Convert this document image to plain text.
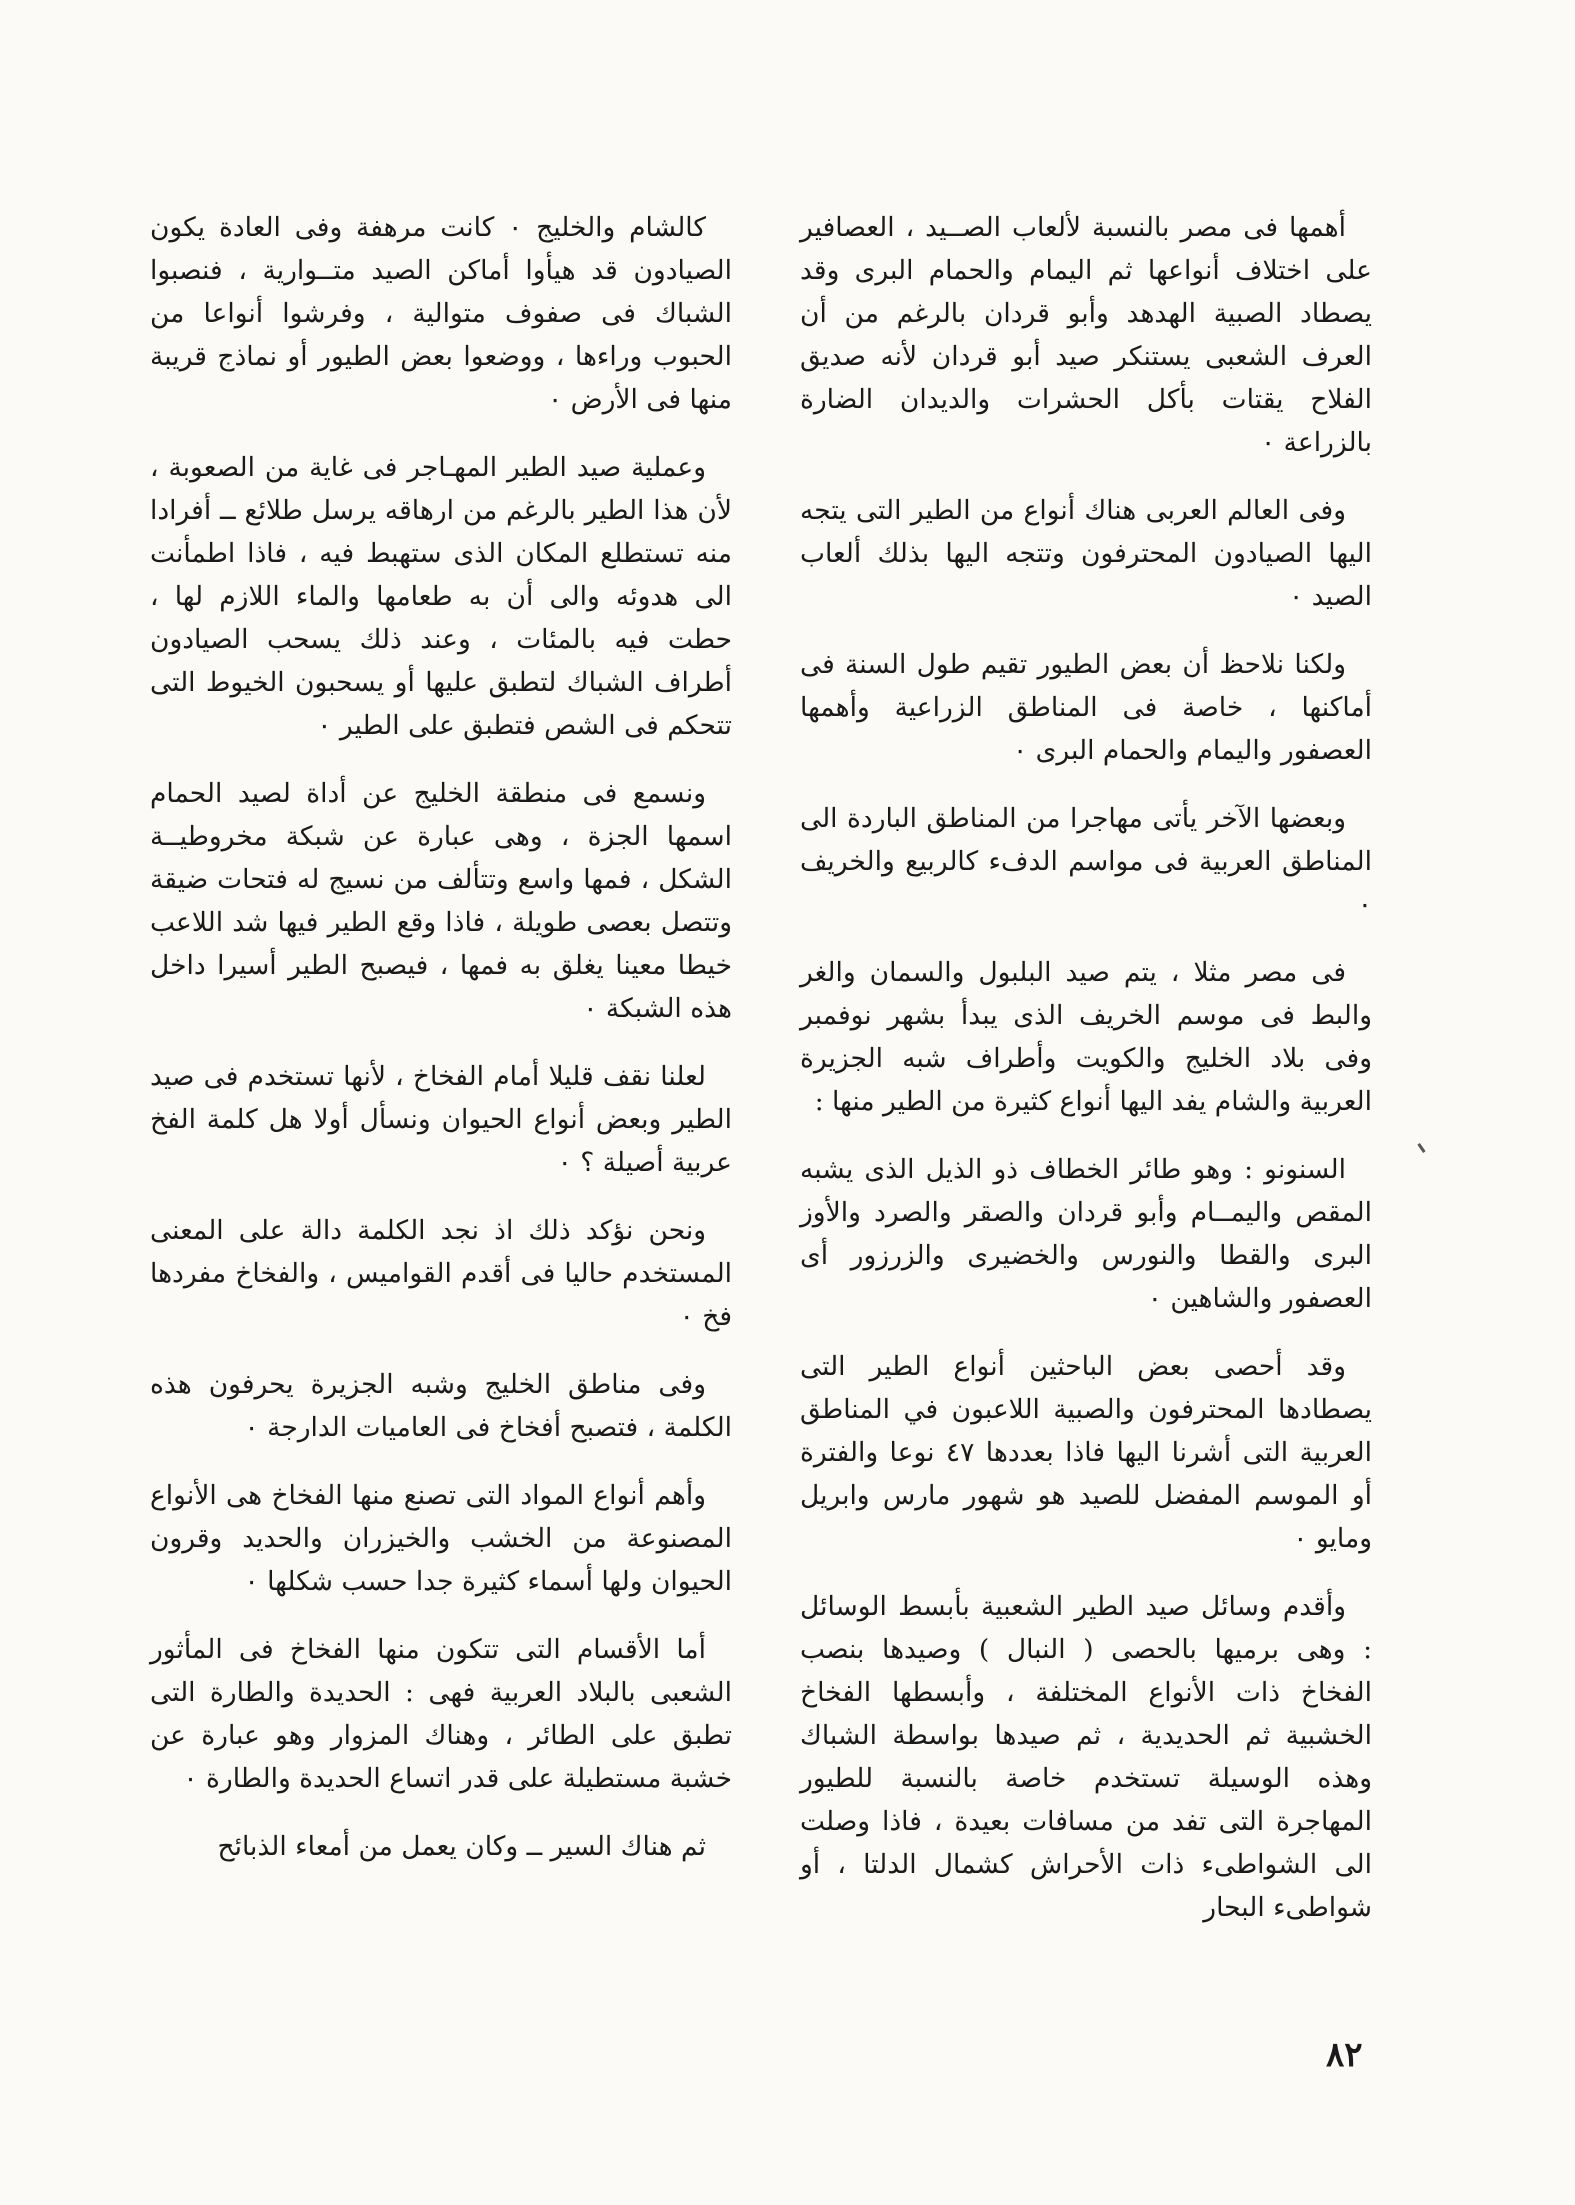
أهمها فى مصر بالنسبة لألعاب الصــيد ، العصافير على اختلاف أنواعها ثم اليمام والحمام البرى وقد يصطاد الصبية الهدهد وأبو قردان بالرغم من أن العرف الشعبى يستنكر صيد أبو قردان لأنه صديق الفلاح يقتات بأكل الحشرات والديدان الضارة بالزراعة ٠

وفى العالم العربى هناك أنواع من الطير التى يتجه اليها الصيادون المحترفون وتتجه اليها بذلك ألعاب الصيد ٠

ولكنا نلاحظ أن بعض الطيور تقيم طول السنة فى أماكنها ، خاصة فى المناطق الزراعية وأهمها العصفور واليمام والحمام البرى ٠

وبعضها الآخر يأتى مهاجرا من المناطق الباردة الى المناطق العربية فى مواسم الدفء كالربيع والخريف ٠

فى مصر مثلا ، يتم صيد البلبول والسمان والغر والبط فى موسم الخريف الذى يبدأ بشهر نوفمبر وفى بلاد الخليج والكويت وأطراف شبه الجزيرة العربية والشام يفد اليها أنواع كثيرة من الطير منها :

السنونو : وهو طائر الخطاف ذو الذيل الذى يشبه المقص واليمــام وأبو قردان والصقر والصرد والأوز البرى والقطا والنورس والخضيرى والزرزور أى العصفور والشاهين ٠

وقد أحصى بعض الباحثين أنواع الطير التى يصطادها المحترفون والصبية اللاعبون في المناطق العربية التى أشرنا اليها فاذا بعددها ٤٧ نوعا والفترة أو الموسم المفضل للصيد هو شهور مارس وابريل ومايو ٠

وأقدم وسائل صيد الطير الشعبية بأبسط الوسائل : وهى برميها بالحصى ( النبال ) وصيدها بنصب الفخاخ ذات الأنواع المختلفة ، وأبسطها الفخاخ الخشبية ثم الحديدية ، ثم صيدها بواسطة الشباك وهذه الوسيلة تستخدم خاصة بالنسبة للطيور المهاجرة التى تفد من مسافات بعيدة ، فاذا وصلت الى الشواطىء ذات الأحراش كشمال الدلتا ، أو شواطىء البحار

كالشام والخليج ٠ كانت مرهفة وفى العادة يكون الصيادون قد هيأوا أماكن الصيد متــوارية ، فنصبوا الشباك فى صفوف متوالية ، وفرشوا أنواعا من الحبوب وراءها ، ووضعوا بعض الطيور أو نماذج قريبة منها فى الأرض ٠

وعملية صيد الطير المهـاجر فى غاية من الصعوبة ، لأن هذا الطير بالرغم من ارهاقه يرسل طلائع ــ أفرادا منه تستطلع المكان الذى ستهبط فيه ، فاذا اطمأنت الى هدوئه والى أن به طعامها والماء اللازم لها ، حطت فيه بالمئات ، وعند ذلك يسحب الصيادون أطراف الشباك لتطبق عليها أو يسحبون الخيوط التى تتحكم فى الشص فتطبق على الطير ٠

ونسمع فى منطقة الخليج عن أداة لصيد الحمام اسمها الجزة ، وهى عبارة عن شبكة مخروطيــة الشكل ، فمها واسع وتتألف من نسيج له فتحات ضيقة وتتصل بعصى طويلة ، فاذا وقع الطير فيها شد اللاعب خيطا معينا يغلق به فمها ، فيصبح الطير أسيرا داخل هذه الشبكة ٠

لعلنا نقف قليلا أمام الفخاخ ، لأنها تستخدم فى صيد الطير وبعض أنواع الحيوان ونسأل أولا هل كلمة الفخ عربية أصيلة ؟ ٠

ونحن نؤكد ذلك اذ نجد الكلمة دالة على المعنى المستخدم حاليا فى أقدم القواميس ، والفخاخ مفردها فخ ٠

وفى مناطق الخليج وشبه الجزيرة يحرفون هذه الكلمة ، فتصبح أفخاخ فى العاميات الدارجة ٠

وأهم أنواع المواد التى تصنع منها الفخاخ هى الأنواع المصنوعة من الخشب والخيزران والحديد وقرون الحيوان ولها أسماء كثيرة جدا حسب شكلها ٠

أما الأقسام التى تتكون منها الفخاخ فى المأثور الشعبى بالبلاد العربية فهى : الحديدة والطارة التى تطبق على الطائر ، وهناك المزوار وهو عبارة عن خشبة مستطيلة على قدر اتساع الحديدة والطارة ٠

ثم هناك السير ــ وكان يعمل من أمعاء الذبائح

٨٢
